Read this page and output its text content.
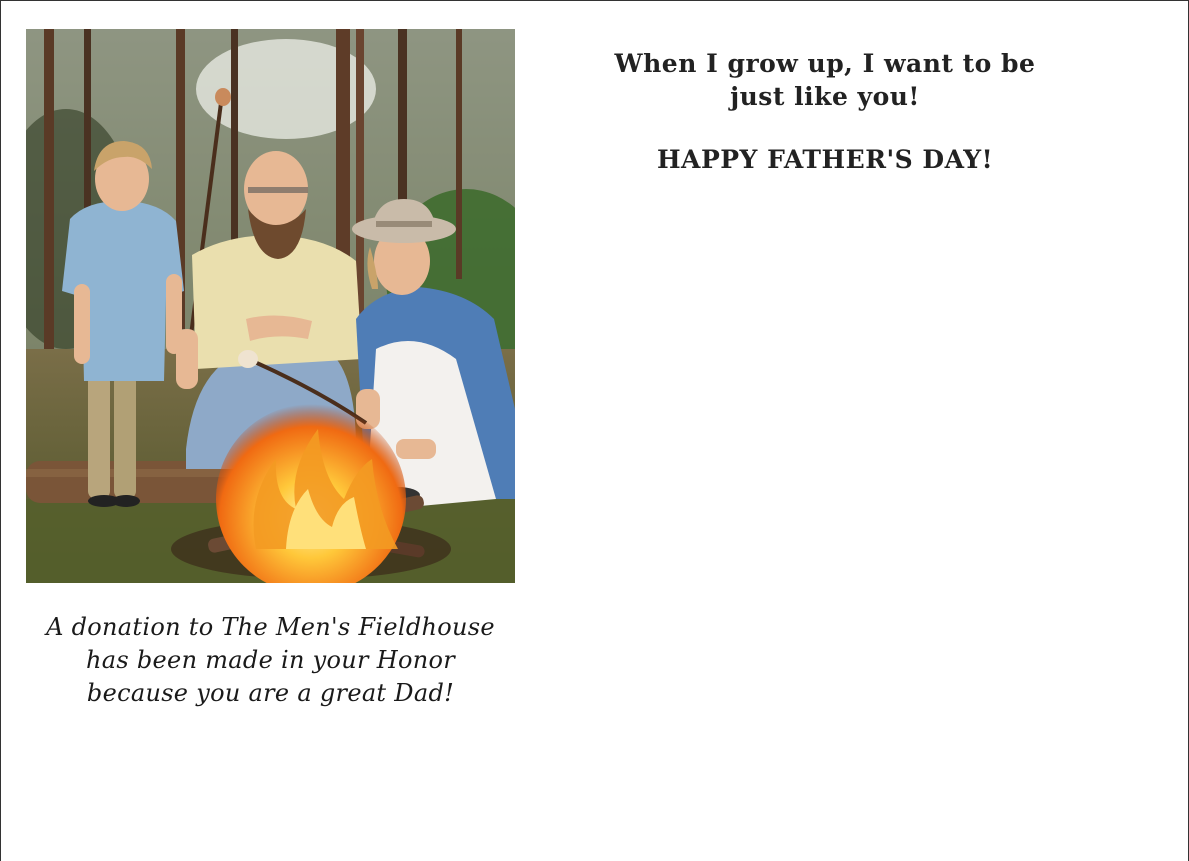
A donation to The Men's Fieldhouse
has been made in your Honor
because you are a great Dad!
When I grow up, I want to be
just like you!
HAPPY FATHER'S DAY!
